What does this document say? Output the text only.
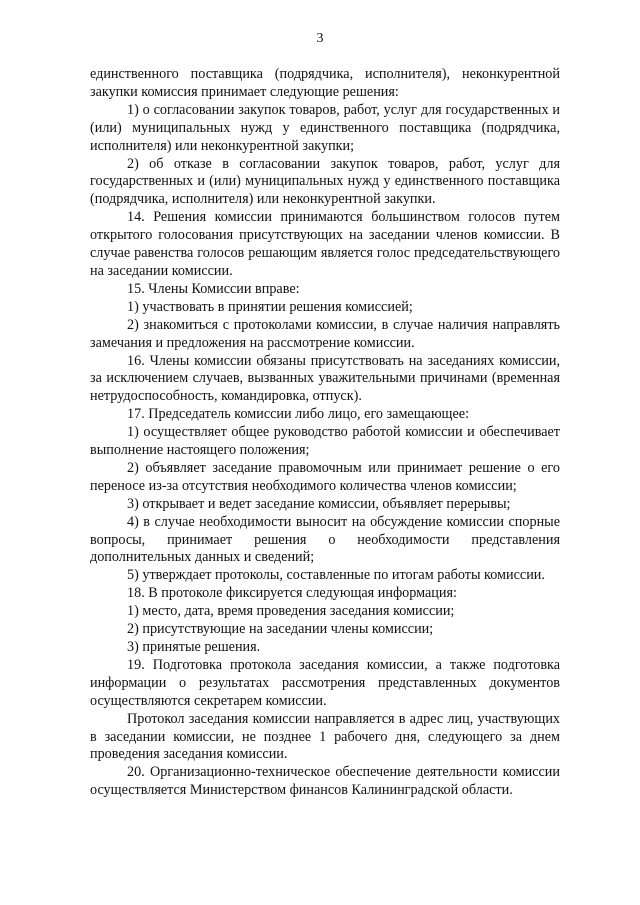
3

единственного поставщика (подрядчика, исполнителя), неконкурентной закупки комиссия принимает следующие решения:

1) о согласовании закупок товаров, работ, услуг для государственных и (или) муниципальных нужд у единственного поставщика (подрядчика, исполнителя) или неконкурентной закупки;

2) об отказе в согласовании закупок товаров, работ, услуг для государственных и (или) муниципальных нужд у единственного поставщика (подрядчика, исполнителя) или неконкурентной закупки.

14. Решения комиссии принимаются большинством голосов путем открытого голосования присутствующих на заседании членов комиссии. В случае равенства голосов решающим является голос председательствующего на заседании комиссии.

15. Члены Комиссии вправе:

1) участвовать в принятии решения комиссией;

2) знакомиться с протоколами комиссии, в случае наличия направлять замечания и предложения на рассмотрение комиссии.

16. Члены комиссии обязаны присутствовать на заседаниях комиссии, за исключением случаев, вызванных уважительными причинами (временная нетрудоспособность, командировка, отпуск).

17. Председатель комиссии либо лицо, его замещающее:

1) осуществляет общее руководство работой комиссии и обеспечивает выполнение настоящего положения;

2) объявляет заседание правомочным или принимает решение о его переносе из-за отсутствия необходимого количества членов комиссии;

3) открывает и ведет заседание комиссии, объявляет перерывы;

4) в случае необходимости выносит на обсуждение комиссии спорные вопросы, принимает решения о необходимости представления дополнительных данных и сведений;

5) утверждает протоколы, составленные по итогам работы комиссии.

18. В протоколе фиксируется следующая информация:

1) место, дата, время проведения заседания комиссии;

2) присутствующие на заседании члены комиссии;

3) принятые решения.

19. Подготовка протокола заседания комиссии, а также подготовка информации о результатах рассмотрения представленных документов осуществляются секретарем комиссии.

Протокол заседания комиссии направляется в адрес лиц, участвующих в заседании комиссии, не позднее 1 рабочего дня, следующего за днем проведения заседания комиссии.

20. Организационно-техническое обеспечение деятельности комиссии осуществляется Министерством финансов Калининградской области.
